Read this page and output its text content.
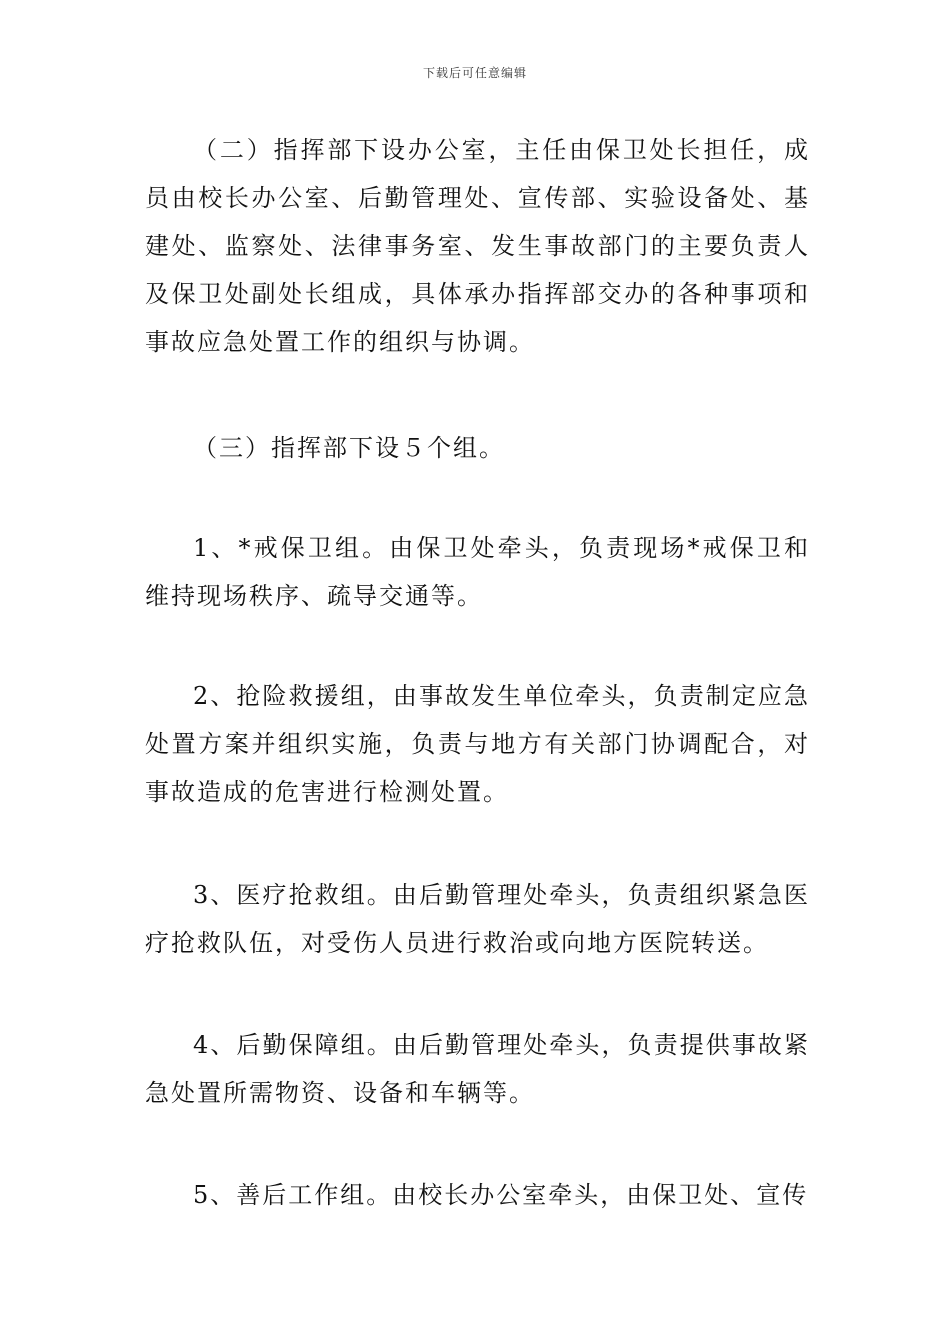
下载后可任意编辑

（二）指挥部下设办公室，主任由保卫处长担任，成员由校长办公室、后勤管理处、宣传部、实验设备处、基建处、监察处、法律事务室、发生事故部门的主要负责人及保卫处副处长组成，具体承办指挥部交办的各种事项和事故应急处置工作的组织与协调。

（三）指挥部下设５个组。

1、*戒保卫组。由保卫处牵头，负责现场*戒保卫和维持现场秩序、疏导交通等。

2、抢险救援组，由事故发生单位牵头，负责制定应急处置方案并组织实施，负责与地方有关部门协调配合，对事故造成的危害进行检测处置。

3、医疗抢救组。由后勤管理处牵头，负责组织紧急医疗抢救队伍，对受伤人员进行救治或向地方医院转送。

4、后勤保障组。由后勤管理处牵头，负责提供事故紧急处置所需物资、设备和车辆等。

5、善后工作组。由校长办公室牵头，由保卫处、宣传
